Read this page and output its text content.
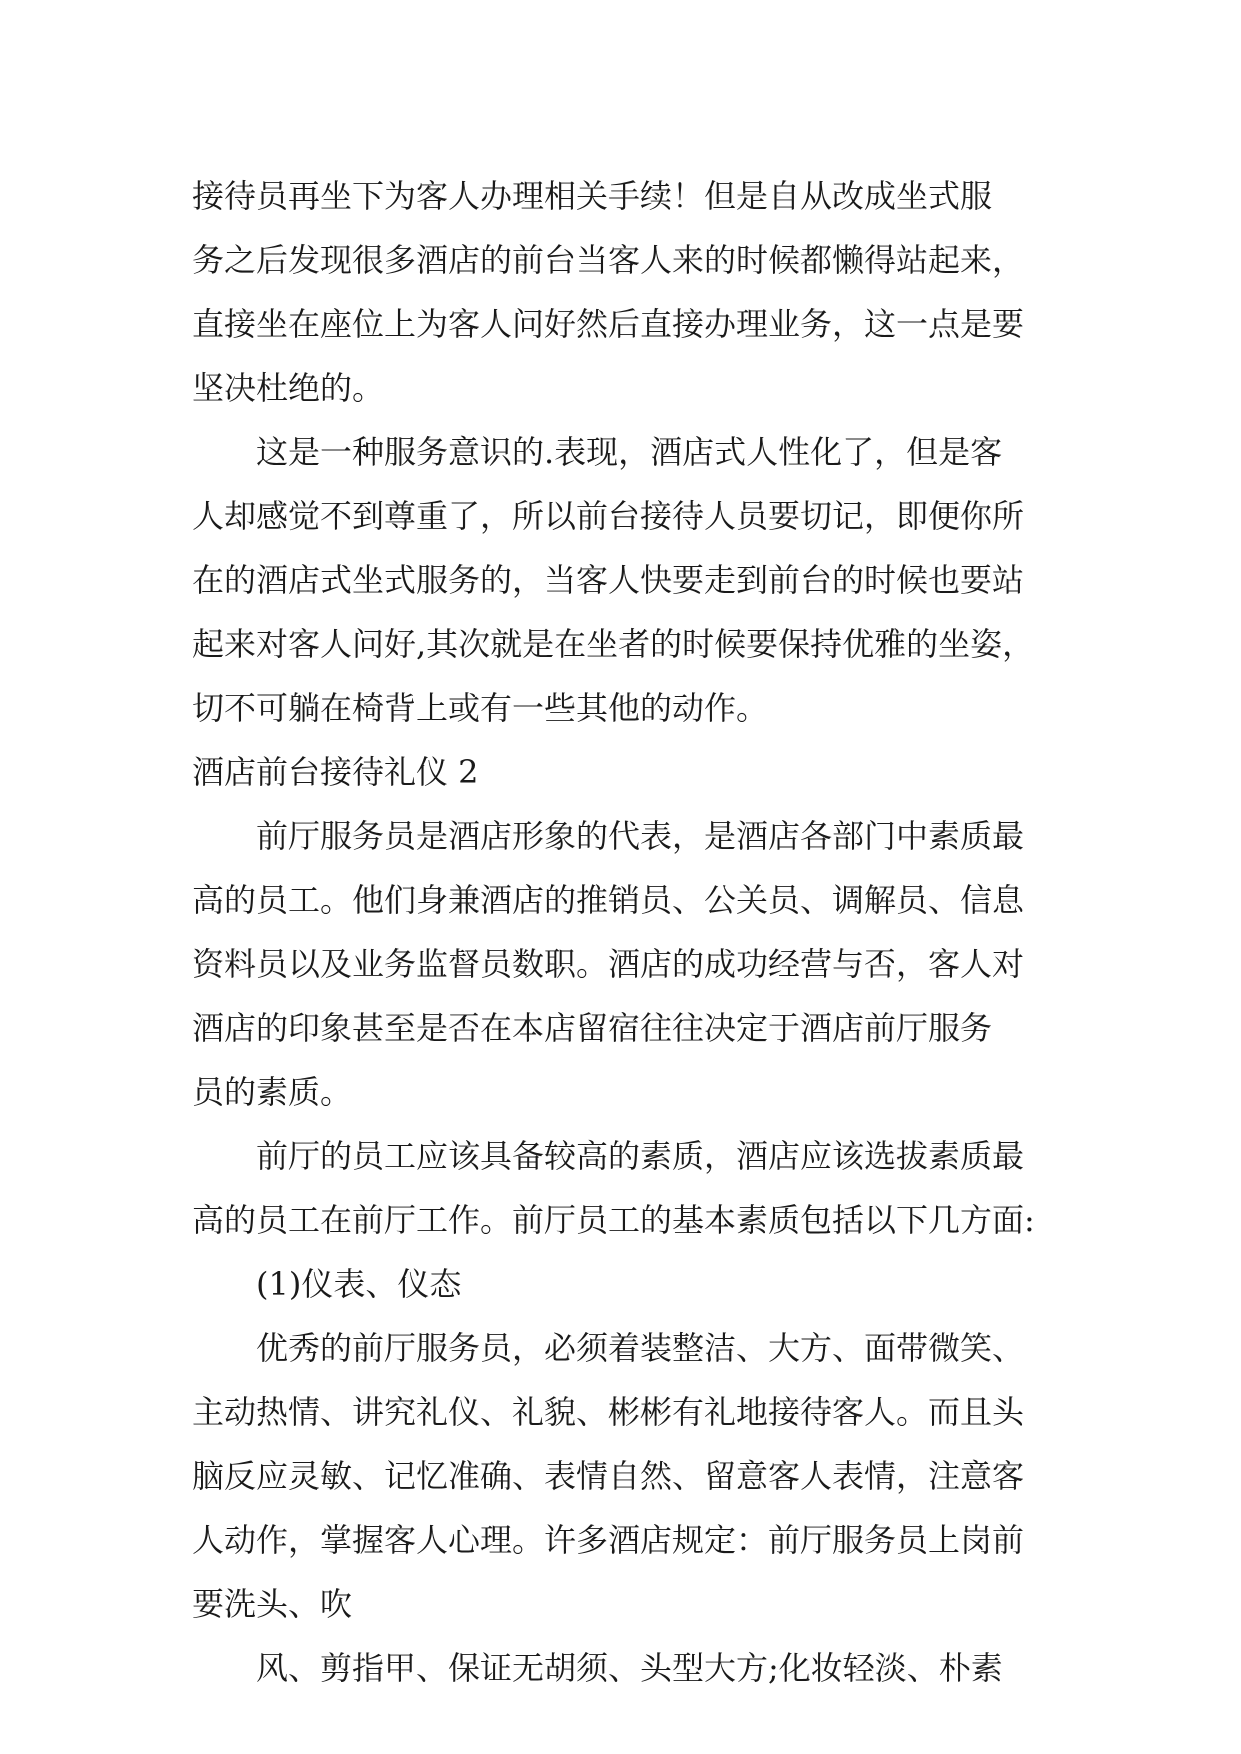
接待员再坐下为客人办理相关手续！但是自从改成坐式服
务之后发现很多酒店的前台当客人来的时候都懒得站起来，
直接坐在座位上为客人问好然后直接办理业务，这一点是要
坚决杜绝的。
这是一种服务意识的.表现，酒店式人性化了，但是客
人却感觉不到尊重了，所以前台接待人员要切记，即便你所
在的酒店式坐式服务的，当客人快要走到前台的时候也要站
起来对客人问好,其次就是在坐者的时候要保持优雅的坐姿，
切不可躺在椅背上或有一些其他的动作。
酒店前台接待礼仪 2
前厅服务员是酒店形象的代表，是酒店各部门中素质最
高的员工。他们身兼酒店的推销员、公关员、调解员、信息
资料员以及业务监督员数职。酒店的成功经营与否，客人对
酒店的印象甚至是否在本店留宿往往决定于酒店前厅服务
员的素质。
前厅的员工应该具备较高的素质，酒店应该选拔素质最
高的员工在前厅工作。前厅员工的基本素质包括以下几方面:
(1)仪表、仪态
优秀的前厅服务员，必须着装整洁、大方、面带微笑、
主动热情、讲究礼仪、礼貌、彬彬有礼地接待客人。而且头
脑反应灵敏、记忆准确、表情自然、留意客人表情，注意客
人动作，掌握客人心理。许多酒店规定：前厅服务员上岗前
要洗头、吹
风、剪指甲、保证无胡须、头型大方;化妆轻淡、朴素
